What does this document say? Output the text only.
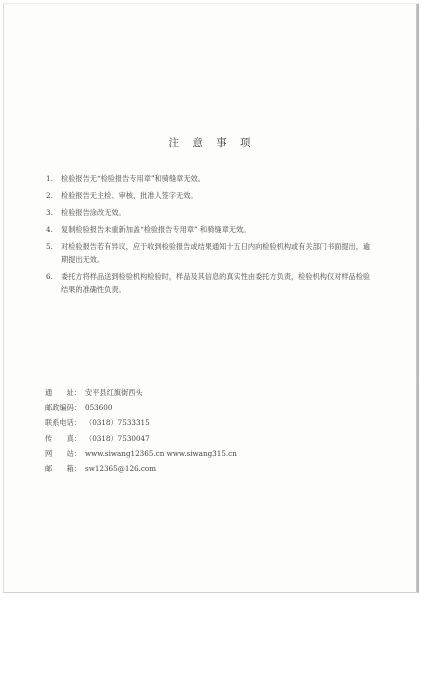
注 意 事 项
1.	检验报告无“检验报告专用章”和骑缝章无效。
2.	检验报告无主检、审核、批准人签字无效。
3.	检验报告涂改无效。
4.	复制检验报告未重新加盖“检验报告专用章” 和骑缝章无效。
5.	对检验报告若有异议，应于收到检验报告或结果通知十五日内向检验机构或有关部门书面提出，逾期提出无效。
6.	委托方将样品送到检验机构检验时，样品及其信息的真实性由委托方负责，检验机构仅对样品检验结果的准确性负责。
通　　址： 安平县红旗街西头
邮政编码： 053600
联系电话： （0318）7533315
传　　真： （0318）7530047
网　　站： www.siwang12365.cn www.siwang315.cn
邮　　箱： sw12365@126.com
